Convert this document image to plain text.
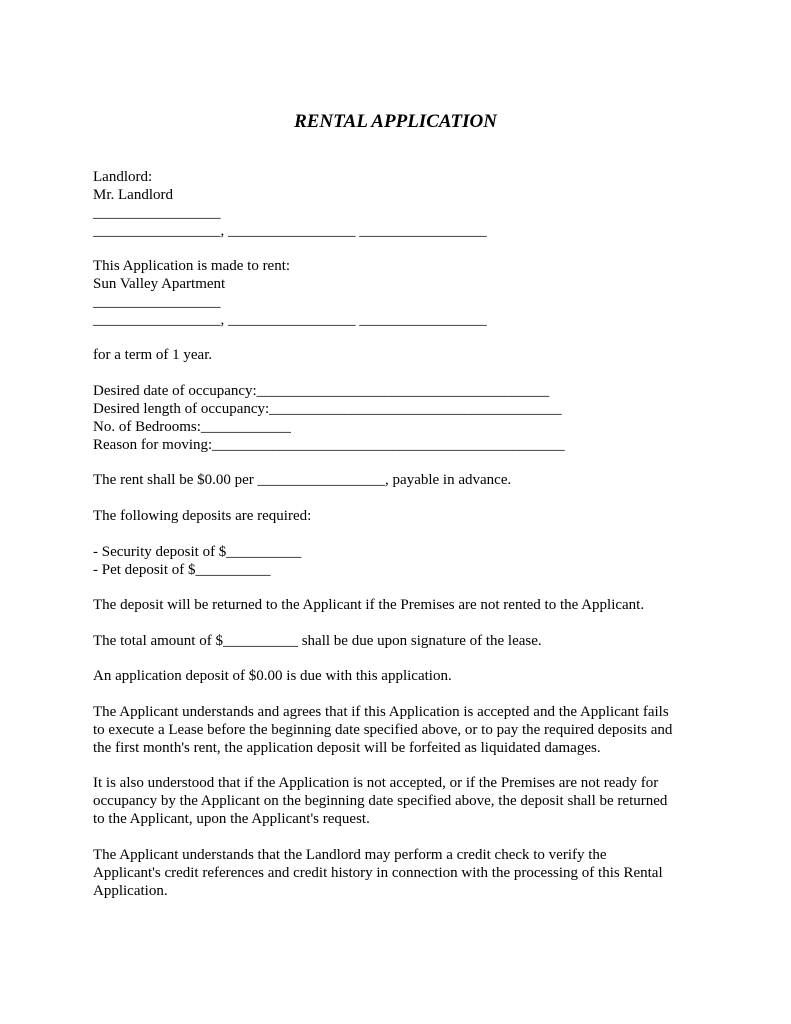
RENTAL APPLICATION
Landlord:
Mr. Landlord
_________________
_________________, _________________ _________________
This Application is made to rent:
Sun Valley Apartment
_________________
_________________, _________________ _________________
for a term of 1 year.
Desired date of occupancy:_______________________________________
Desired length of occupancy:_______________________________________
No. of Bedrooms:____________
Reason for moving:_______________________________________________
The rent shall be $0.00 per _________________, payable in advance.
The following deposits are required:
- Security deposit of $__________
- Pet deposit of $__________
The deposit will be returned to the Applicant if the Premises are not rented to the Applicant.
The total amount of $__________ shall be due upon signature of the lease.
An application deposit of $0.00 is due with this application.
The Applicant understands and agrees that if this Application is accepted and the Applicant fails
to execute a Lease before the beginning date specified above, or to pay the required deposits and
the first month's rent, the application deposit will be forfeited as liquidated damages.
It is also understood that if the Application is not accepted, or if the Premises are not ready for
occupancy by the Applicant on the beginning date specified above, the deposit shall be returned
to the Applicant, upon the Applicant's request.
The Applicant understands that the Landlord may perform a credit check to verify the
Applicant's credit references and credit history in connection with the processing of this Rental
Application.
